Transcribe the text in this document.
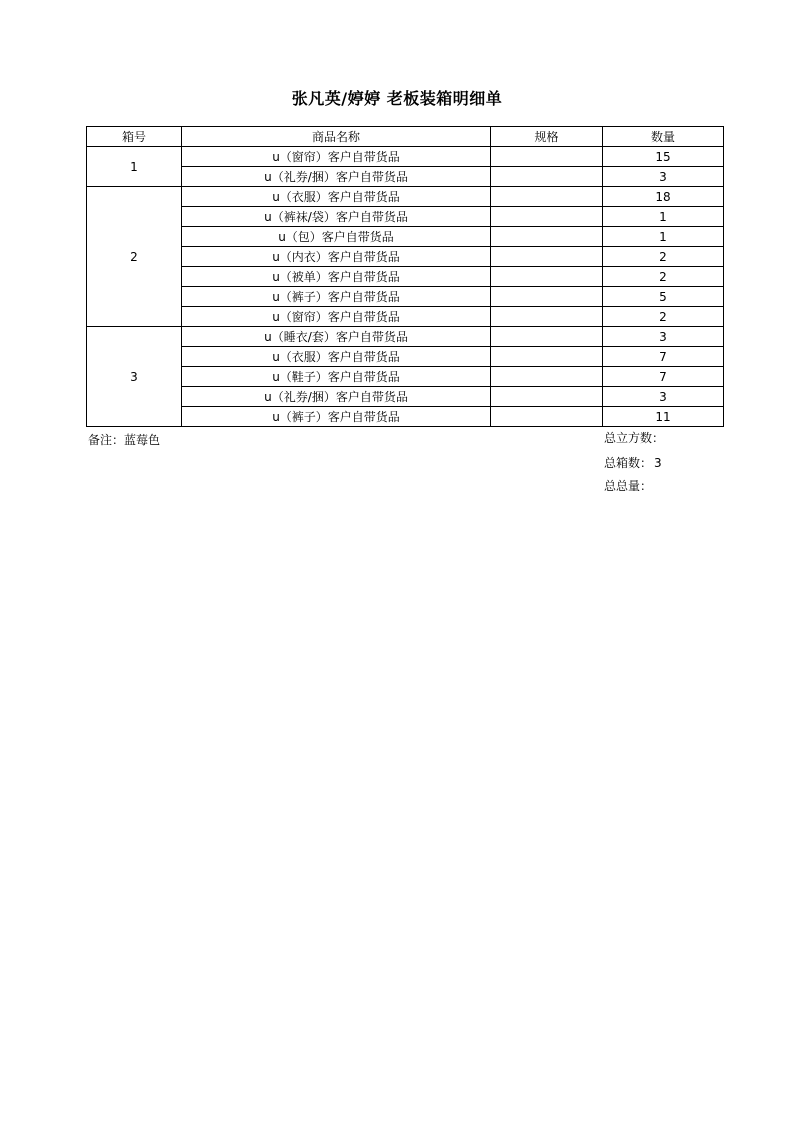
张凡英/婷婷 老板装箱明细单
箱号	商品名称	规格	数量
1	u（窗帘）客户自带货品		15
	u（礼券/捆）客户自带货品		3
2	u（衣服）客户自带货品		18
	u（裤袜/袋）客户自带货品		1
	u（包）客户自带货品		1
	u（内衣）客户自带货品		2
	u（被单）客户自带货品		2
	u（裤子）客户自带货品		5
	u（窗帘）客户自带货品		2
3	u（睡衣/套）客户自带货品		3
	u（衣服）客户自带货品		7
	u（鞋子）客户自带货品		7
	u（礼券/捆）客户自带货品		3
	u（裤子）客户自带货品		11
备注：蓝莓色	总立方数：
总箱数： 3
总总量：
